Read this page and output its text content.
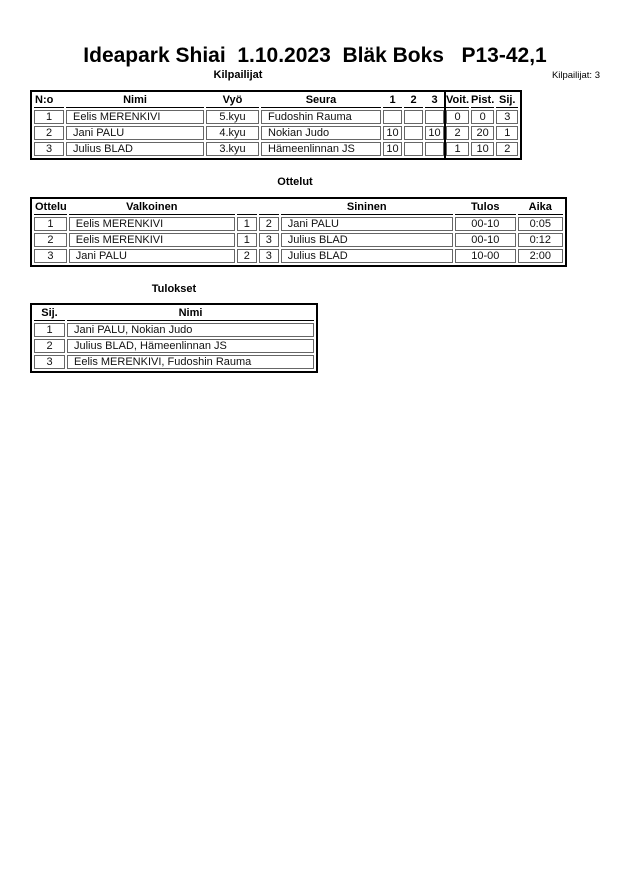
Ideapark Shiai  1.10.2023  Bläk Boks   P13-42,1
Kilpailijat	Kilpailijat: 3
N:o	Nimi	Vyö	Seura	1	2	3	Voit.	Pist.	Sij.
1	Eelis MERENKIVI	5.kyu	Fudoshin Rauma				0	0	3
2	Jani PALU	4.kyu	Nokian Judo	10		10	2	20	1
3	Julius BLAD	3.kyu	Hämeenlinnan JS	10			1	10	2
Ottelut
Ottelu	Valkoinen			Sininen	Tulos	Aika
1	Eelis MERENKIVI	1	2	Jani PALU	00-10	0:05
2	Eelis MERENKIVI	1	3	Julius BLAD	00-10	0:12
3	Jani PALU	2	3	Julius BLAD	10-00	2:00
Tulokset
Sij.	Nimi
1	Jani PALU, Nokian Judo
2	Julius BLAD, Hämeenlinnan JS
3	Eelis MERENKIVI, Fudoshin Rauma
